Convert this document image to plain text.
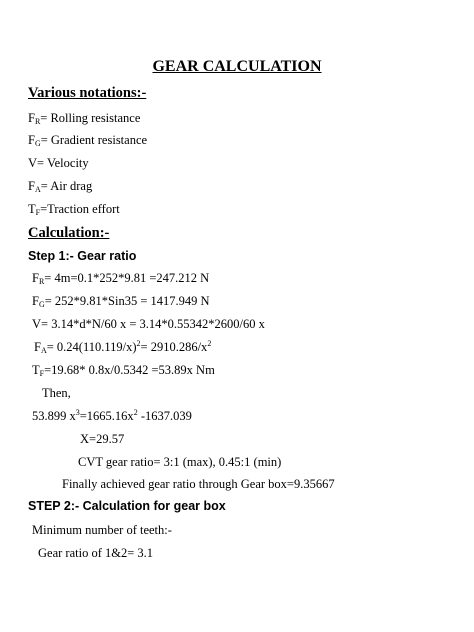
GEAR CALCULATION
Various notations:-
$F_R=$ Rolling resistance
$F_G=$ Gradient resistance
V= Velocity
$F_A=$ Air drag
$T_F=Traction$ effort
Calculation:-
Step 1:- Gear ratio
$F_R= 4m=0.1*252*9.81 =247.212$ N
$F_G= 252*9.81*Sin35 = 1417.949$ N
V= 3.14*d*N/60 x = 3.14*0.55342*2600/60 x
$F_A= 0.24(110.119/x)^2= 2910.286/x^2$
$T_F=19.68*$ 0.8x/0.5342 =53.89x Nm
Then,
53.899 $x^3=1665.16x^2$ -1637.039
X=29.57
CVT gear ratio= 3:1 (max), 0.45:1 (min)
Finally achieved gear ratio through Gear box=9.35667
STEP 2:- Calculation for gear box
Minimum number of teeth:-
Gear ratio of 1&2= 3.1
